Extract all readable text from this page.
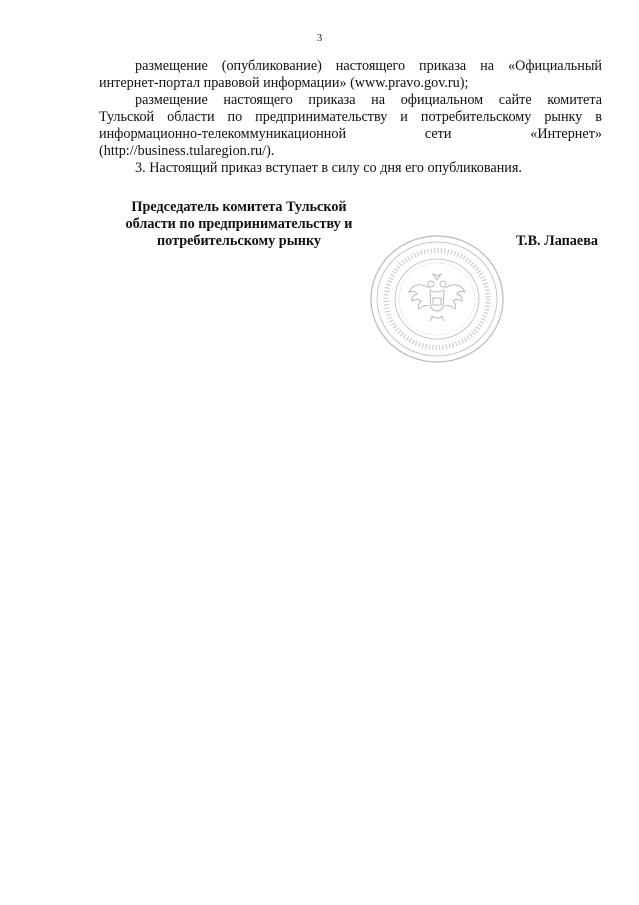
3

размещение (опубликование) настоящего приказа на «Официальный
интернет-портал правовой информации» (www.pravo.gov.ru);

размещение настоящего приказа на официальном сайте комитета
Тульской области по предпринимательству и потребительскому рынку в
информационно-телекоммуникационной сети «Интернет»
(http://business.tularegion.ru/).

3. Настоящий приказ вступает в силу со дня его опубликования.

Председатель комитета Тульской
области по предпринимательству и
потребительскому рынку	Т.В. Лапаева
